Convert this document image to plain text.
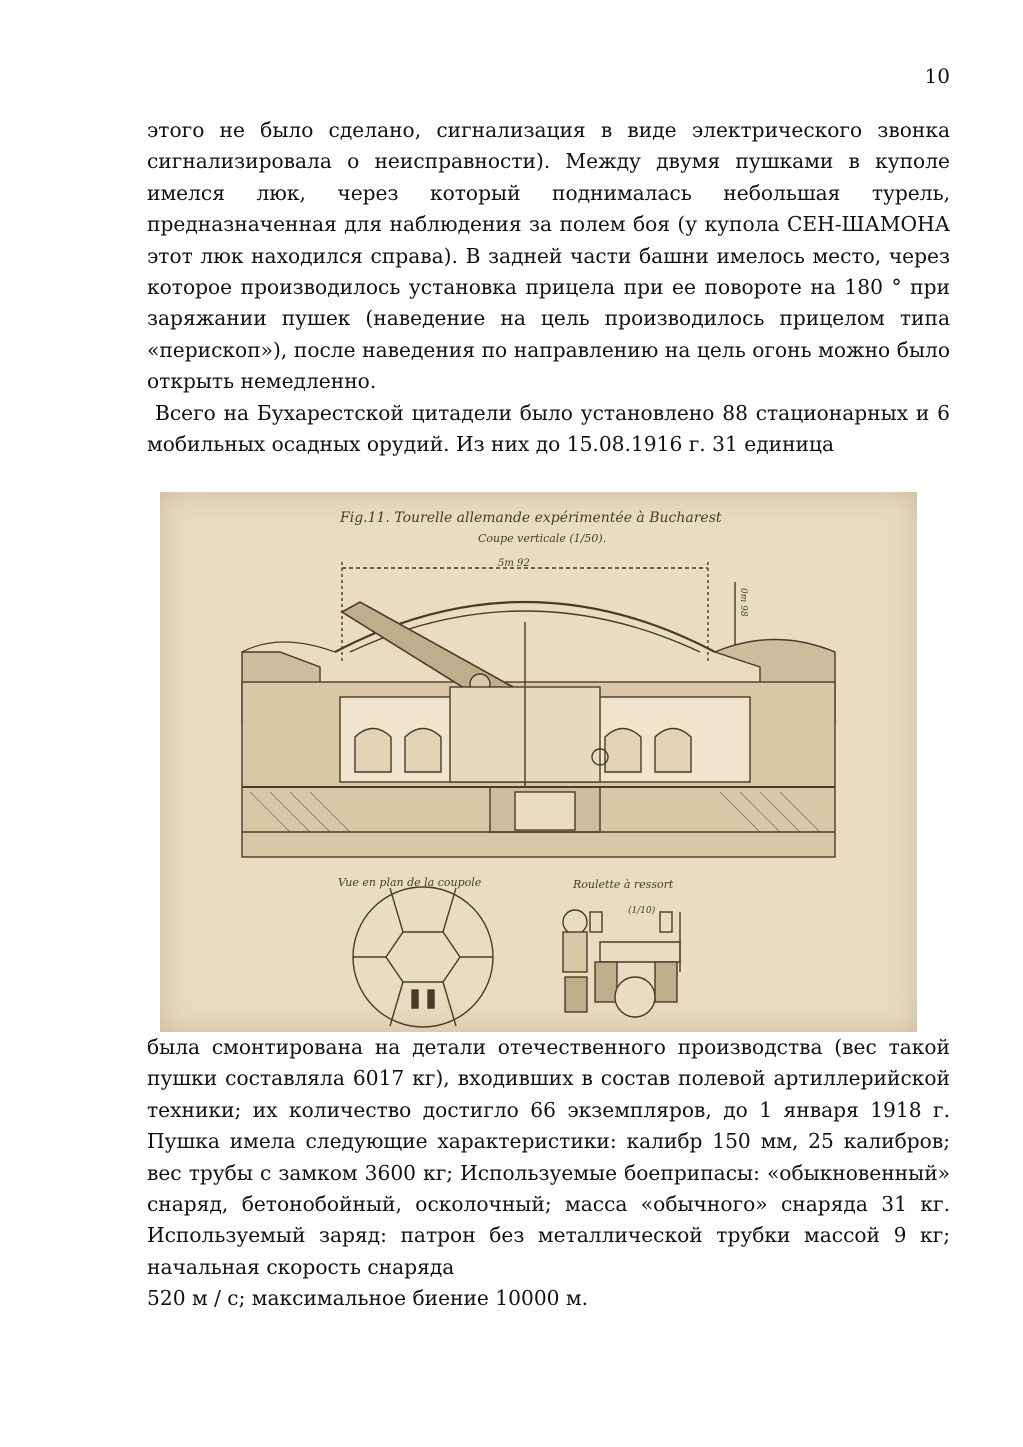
10

этого не было сделано, сигнализация в виде электрического звонка сигнализировала о неисправности). Между двумя пушками в куполе имелся люк, через который поднималась небольшая турель, предназначенная для наблюдения за полем боя (у купола СЕН-ШАМОНА этот люк находился справа). В задней части башни имелось место, через которое производилось установка прицела при ее повороте на 180 ° при заряжании пушек (наведение на цель производилось прицелом типа «перископ»), после наведения по направлению на цель огонь можно было открыть немедленно.

Всего на Бухарестской цитадели было установлено 88 стационарных и 6 мобильных осадных орудий. Из них до 15.08.1916 г. 31 единица

Fig.11. Tourelle allemande expérimentée à Bucharest
Coupe verticale (1/50).
5m 92
0m 98
Vue en plan de la coupole	Roulette à ressort
(1/10)

была смонтирована на детали отечественного производства (вес такой пушки составляла 6017 кг), входивших в состав полевой артиллерийской техники; их количество достигло 66 экземпляров, до 1 января 1918 г. Пушка имела следующие характеристики: калибр 150 мм, 25 калибров; вес трубы с замком 3600 кг; Используемые боеприпасы: «обыкновенный» снаряд, бетонобойный, осколочный; масса «обычного» снаряда 31 кг. Используемый заряд: патрон без металлической трубки массой 9 кг; начальная скорость снаряда

520 м / с; максимальное биение 10000 м.
